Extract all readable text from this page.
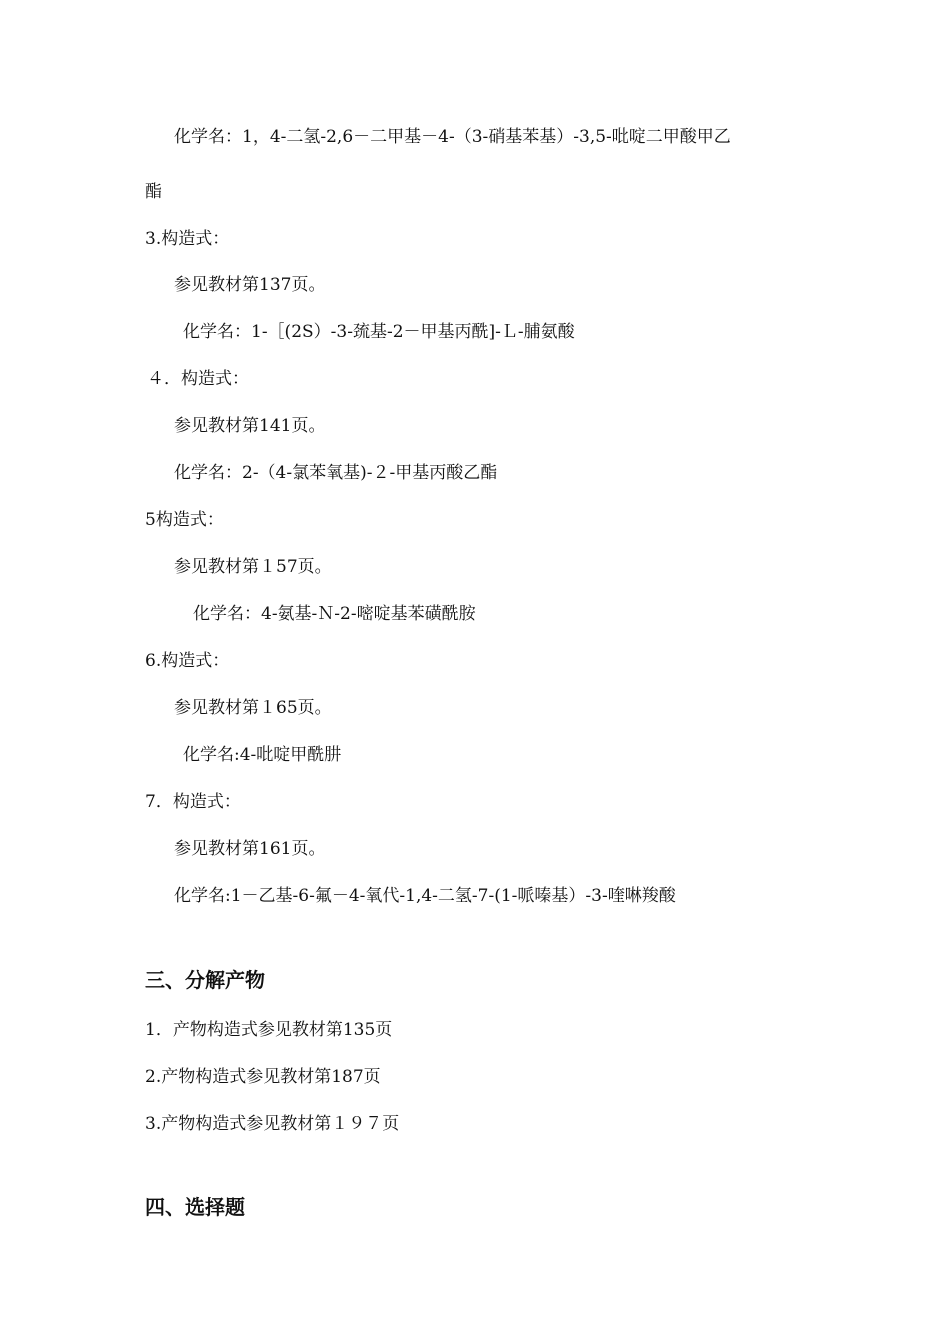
化学名：1，4-二氢-2,6－二甲基－4-（3-硝基苯基）-3,5-吡啶二甲酸甲乙
酯
3.构造式：
参见教材第137页。
化学名：1-［(2S）-3-巯基-2－甲基丙酰]-Ｌ-脯氨酸
４．构造式：
参见教材第141页。
化学名：2-（4-氯苯氧基)-２-甲基丙酸乙酯
5构造式：
参见教材第１57页。
化学名：4-氨基-Ｎ-2-嘧啶基苯磺酰胺
6.构造式：
参见教材第１65页。
化学名:4-吡啶甲酰肼
7．构造式：
参见教材第161页。
化学名:1－乙基-6-氟－4-氧代-1,4-二氢-7-(1-哌嗪基）-3-喹啉羧酸
三、分解产物
1．产物构造式参见教材第135页
2.产物构造式参见教材第187页
3.产物构造式参见教材第１９７页
四、选择题
